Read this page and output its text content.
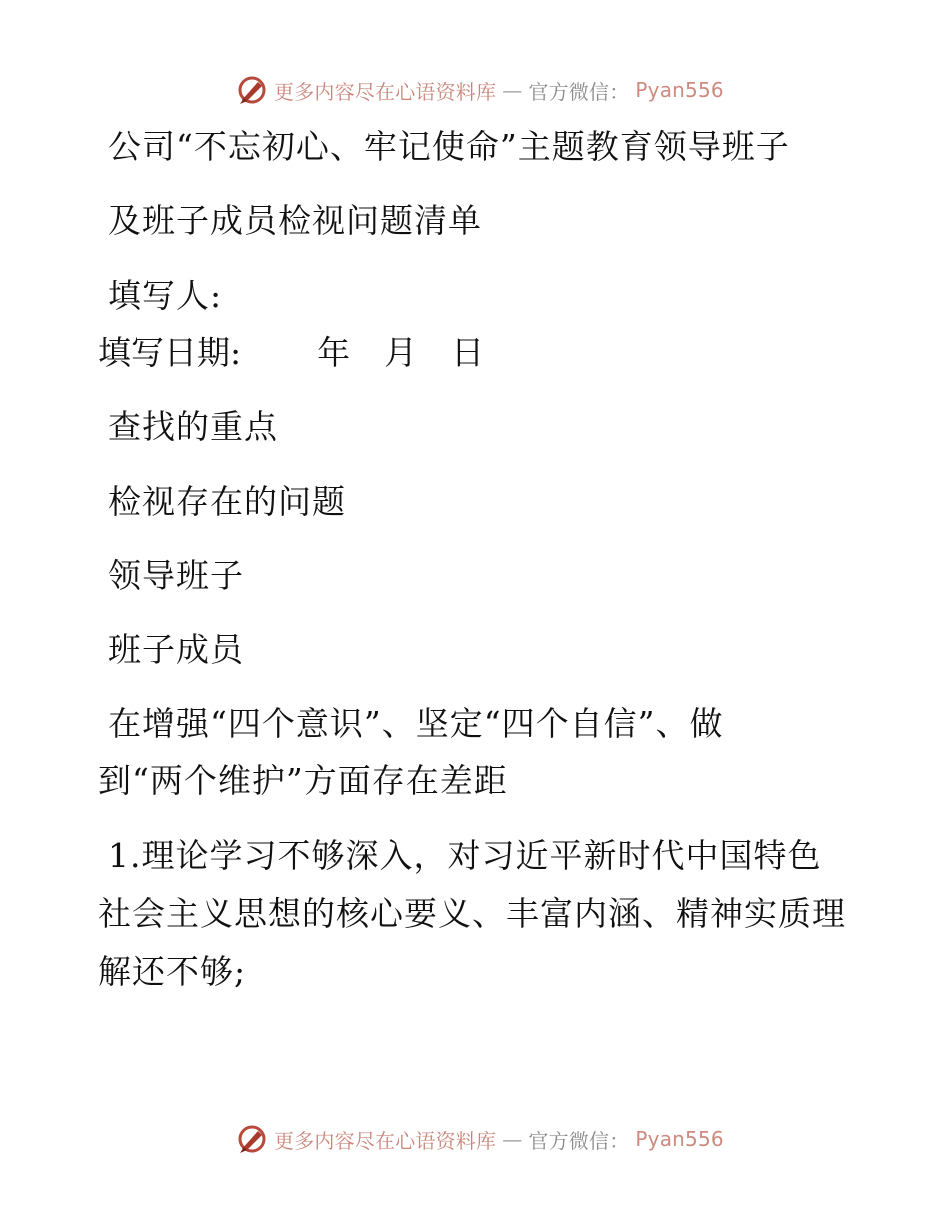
更多内容尽在心语资料库 — 官方微信： Pyan556
公司“不忘初心、牢记使命”主题教育领导班子
及班子成员检视问题清单
填写人:
填写日期: 年 月 日
查找的重点
检视存在的问题
领导班子
班子成员
在增强“四个意识”、坚定“四个自信”、做
到“两个维护”方面存在差距
1.理论学习不够深入，对习近平新时代中国特色
社会主义思想的核心要义、丰富内涵、精神实质理
解还不够;
更多内容尽在心语资料库 — 官方微信： Pyan556
